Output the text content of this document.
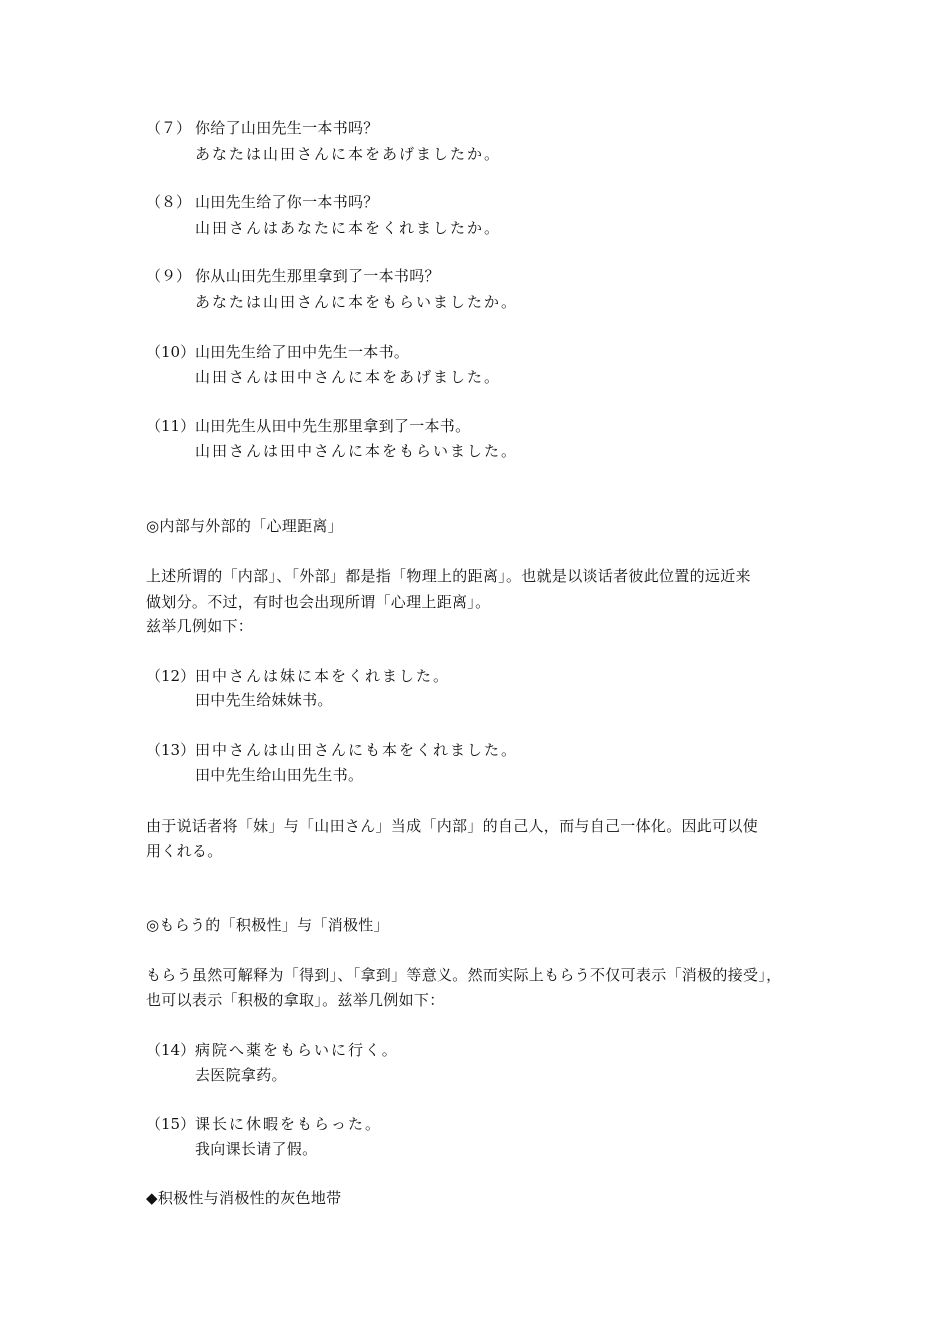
（７） 你给了山田先生一本书吗？
あなたは山田さんに本をあげましたか。
（８） 山田先生给了你一本书吗？
山田さんはあなたに本をくれましたか。
（９） 你从山田先生那里拿到了一本书吗？
あなたは山田さんに本をもらいましたか。
（10） 山田先生给了田中先生一本书。
山田さんは田中さんに本をあげました。
（11） 山田先生从田中先生那里拿到了一本书。
山田さんは田中さんに本をもらいました。
◎内部与外部的「心理距离」
上述所谓的「内部」、「外部」都是指「物理上的距离」。也就是以谈话者彼此位置的远近来
做划分。不过，有时也会出现所谓「心理上距离」。
兹举几例如下：
（12） 田中さんは妹に本をくれました。
田中先生给妹妹书。
（13） 田中さんは山田さんにも本をくれました。
田中先生给山田先生书。
由于说话者将「妹」与「山田さん」当成「内部」的自己人，而与自己一体化。因此可以使
用くれる。
◎もらう的「积极性」与「消极性」
もらう虽然可解释为「得到」、「拿到」等意义。然而实际上もらう不仅可表示「消极的接受」，
也可以表示「积极的拿取」。兹举几例如下：
（14） 病院へ薬をもらいに行く。
去医院拿药。
（15） 课长に休暇をもらった。
我向课长请了假。
◆积极性与消极性的灰色地带
